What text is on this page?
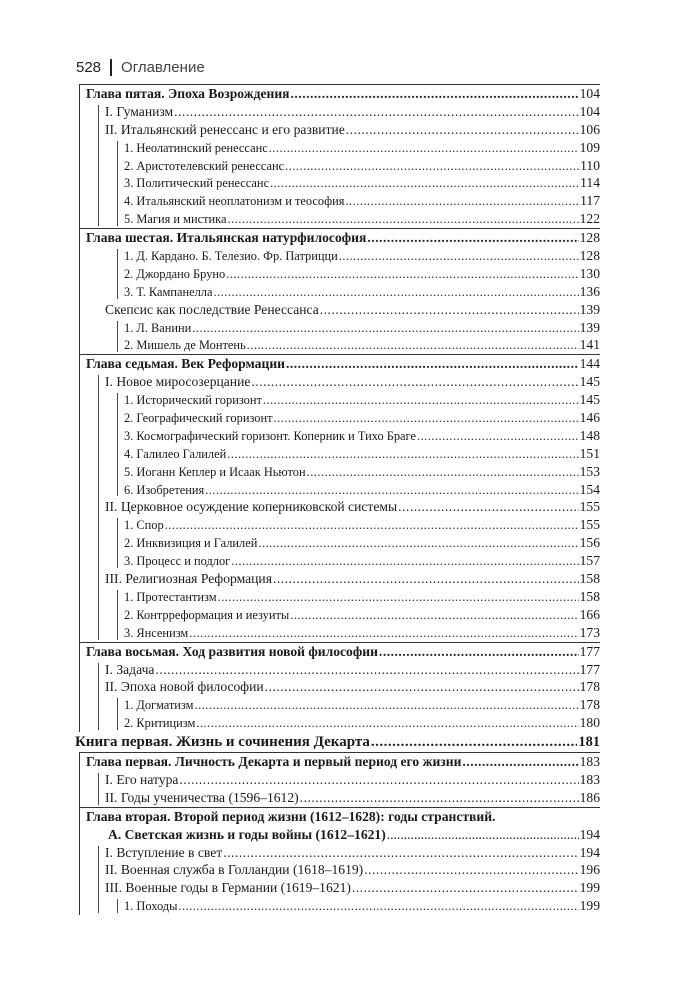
528 Оглавление
Глава пятая. Эпоха Возрождения .....	104
I. Гуманизм .....	104
II. Итальянский ренессанс и его развитие .....	106
1. Неолатинский ренессанс .....	109
2. Аристотелевский ренессанс .....	110
3. Политический ренессанс .....	114
4. Итальянский неоплатонизм и теософия .....	117
5. Магия и мистика .....	122
Глава шестая. Итальянская натурфилософия .....	128
1. Д. Кардано. Б. Телезио. Фр. Патрицци .....	128
2. Джордано Бруно .....	130
3. Т. Кампанелла .....	136
Скепсис как последствие Ренессанса .....	139
1. Л. Ванини .....	139
2. Мишель де Монтень .....	141
Глава седьмая. Век Реформации .....	144
I. Новое миросозерцание .....	145
1. Исторический горизонт .....	145
2. Географический горизонт .....	146
3. Космографический горизонт. Коперник и Тихо Браге .....	148
4. Галилео Галилей .....	151
5. Иоганн Кеплер и Исаак Ньютон .....	153
6. Изобретения .....	154
II. Церковное осуждение коперниковской системы .....	155
1. Спор .....	155
2. Инквизиция и Галилей .....	156
3. Процесс и подлог .....	157
III. Религиозная Реформация .....	158
1. Протестантизм .....	158
2. Контрреформация и иезуиты .....	166
3. Янсенизм .....	173
Глава восьмая. Ход развития новой философии .....	177
I. Задача .....	177
II. Эпоха новой философии .....	178
1. Догматизм .....	178
2. Критицизм .....	180
Книга первая. Жизнь и сочинения Декарта .....	181
Глава первая. Личность Декарта и первый период его жизни .....	183
I. Его натура .....	183
II. Годы ученичества (1596–1612) .....	186
Глава вторая. Второй период жизни (1612–1628): годы странствий.
А. Светская жизнь и годы войны (1612–1621) .....	194
I. Вступление в свет .....	194
II. Военная служба в Голландии (1618–1619) .....	196
III. Военные годы в Германии (1619–1621) .....	199
1. Походы .....	199
